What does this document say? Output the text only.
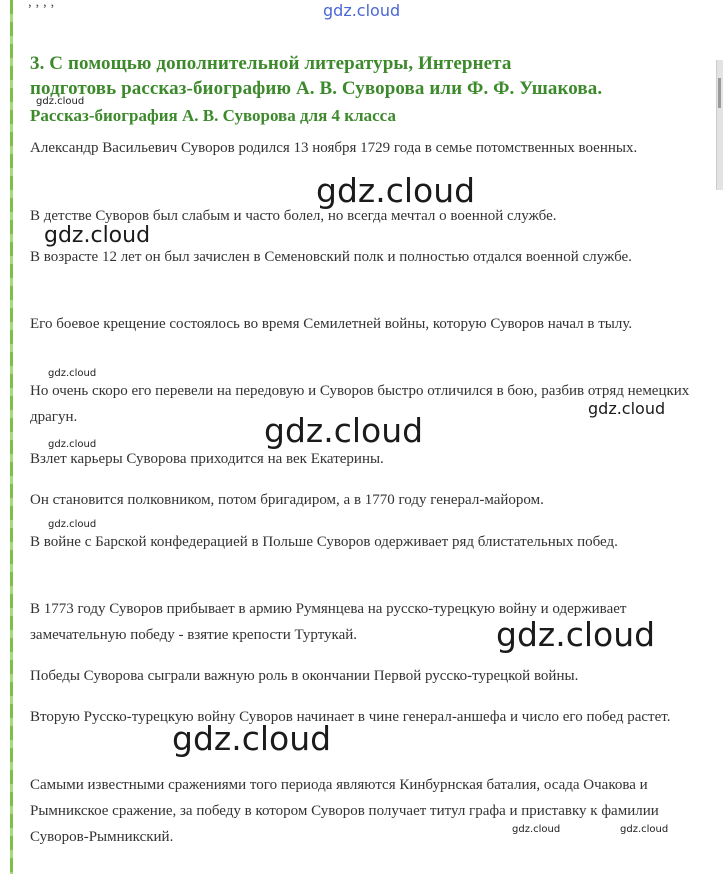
, , , ,	gdz.cloud
3. С помощью дополнительной литературы, Интернета
подготовь рассказ-биографию А. В. Суворова или Ф. Ф. Ушакова.
gdz.cloud
Рассказ-биография А. В. Суворова для 4 класса

Александр Васильевич Суворов родился 13 ноября 1729 года в семье потомственных военных.

gdz.cloud

В детстве Суворов был слабым и часто болел, но всегда мечтал о военной службе.

gdz.cloud

В возрасте 12 лет он был зачислен в Семеновский полк и полностью отдался военной службе.

Его боевое крещение состоялось во время Семилетней войны, которую Суворов начал в тылу.

gdz.cloud

Но очень скоро его перевели на передовую и Суворов быстро отличился в бою, разбив отряд немецких драгун.	gdz.cloud
gdz.cloud
gdz.cloud

Взлет карьеры Суворова приходится на век Екатерины.

Он становится полковником, потом бригадиром, а в 1770 году генерал-майором.

gdz.cloud

В войне с Барской конфедерацией в Польше Суворов одерживает ряд блистательных побед.

В 1773 году Суворов прибывает в армию Румянцева на русско-турецкую войну и одерживает замечательную победу - взятие крепости Туртукай.	gdz.cloud

Победы Суворова сыграли важную роль в окончании Первой русско-турецкой войны.

Вторую Русско-турецкую войну Суворов начинает в чине генерал-аншефа и число его побед растет.

gdz.cloud

Самыми известными сражениями того периода являются Кинбурнская баталия, осада Очакова и Рымникское сражение, за победу в котором Суворов получает титул графа и приставку к фамилии Суворов-Рымникский.	gdz.cloud	gdz.cloud
